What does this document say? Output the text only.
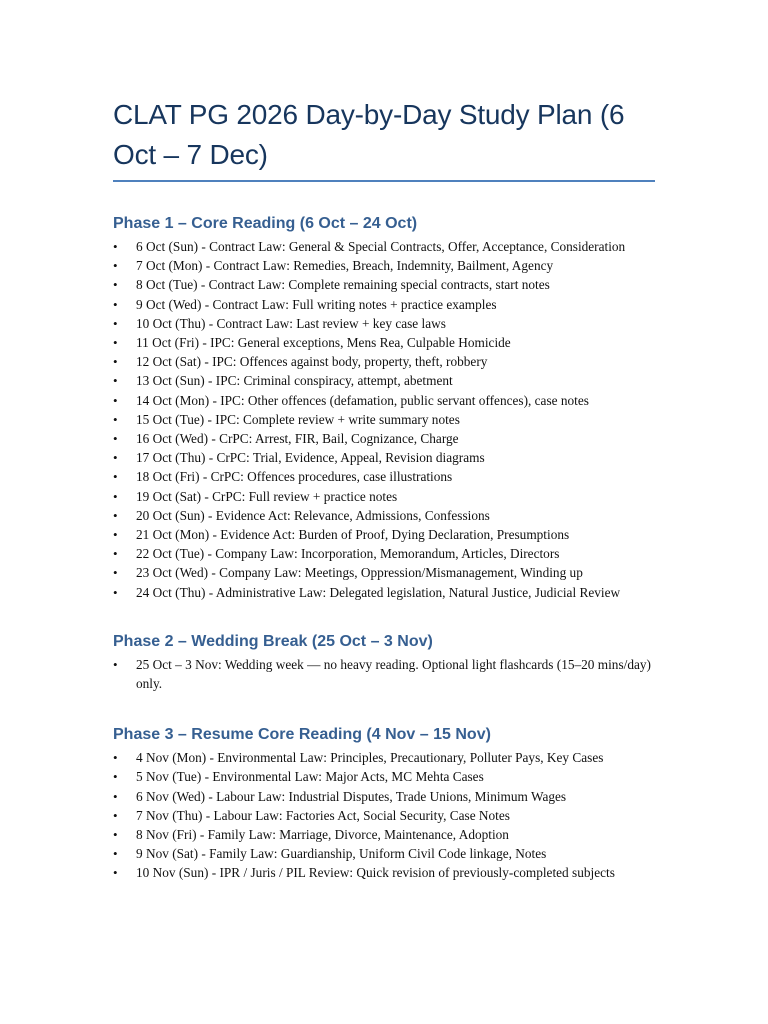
CLAT PG 2026 Day-by-Day Study Plan (6 Oct – 7 Dec)
Phase 1 – Core Reading (6 Oct – 24 Oct)
• 6 Oct (Sun) - Contract Law: General & Special Contracts, Offer, Acceptance, Consideration
• 7 Oct (Mon) - Contract Law: Remedies, Breach, Indemnity, Bailment, Agency
• 8 Oct (Tue) - Contract Law: Complete remaining special contracts, start notes
• 9 Oct (Wed) - Contract Law: Full writing notes + practice examples
• 10 Oct (Thu) - Contract Law: Last review + key case laws
• 11 Oct (Fri) - IPC: General exceptions, Mens Rea, Culpable Homicide
• 12 Oct (Sat) - IPC: Offences against body, property, theft, robbery
• 13 Oct (Sun) - IPC: Criminal conspiracy, attempt, abetment
• 14 Oct (Mon) - IPC: Other offences (defamation, public servant offences), case notes
• 15 Oct (Tue) - IPC: Complete review + write summary notes
• 16 Oct (Wed) - CrPC: Arrest, FIR, Bail, Cognizance, Charge
• 17 Oct (Thu) - CrPC: Trial, Evidence, Appeal, Revision diagrams
• 18 Oct (Fri) - CrPC: Offences procedures, case illustrations
• 19 Oct (Sat) - CrPC: Full review + practice notes
• 20 Oct (Sun) - Evidence Act: Relevance, Admissions, Confessions
• 21 Oct (Mon) - Evidence Act: Burden of Proof, Dying Declaration, Presumptions
• 22 Oct (Tue) - Company Law: Incorporation, Memorandum, Articles, Directors
• 23 Oct (Wed) - Company Law: Meetings, Oppression/Mismanagement, Winding up
• 24 Oct (Thu) - Administrative Law: Delegated legislation, Natural Justice, Judicial Review
Phase 2 – Wedding Break (25 Oct – 3 Nov)
• 25 Oct – 3 Nov: Wedding week — no heavy reading. Optional light flashcards (15–20 mins/day) only.
Phase 3 – Resume Core Reading (4 Nov – 15 Nov)
• 4 Nov (Mon) - Environmental Law: Principles, Precautionary, Polluter Pays, Key Cases
• 5 Nov (Tue) - Environmental Law: Major Acts, MC Mehta Cases
• 6 Nov (Wed) - Labour Law: Industrial Disputes, Trade Unions, Minimum Wages
• 7 Nov (Thu) - Labour Law: Factories Act, Social Security, Case Notes
• 8 Nov (Fri) - Family Law: Marriage, Divorce, Maintenance, Adoption
• 9 Nov (Sat) - Family Law: Guardianship, Uniform Civil Code linkage, Notes
• 10 Nov (Sun) - IPR / Juris / PIL Review: Quick revision of previously-completed subjects
